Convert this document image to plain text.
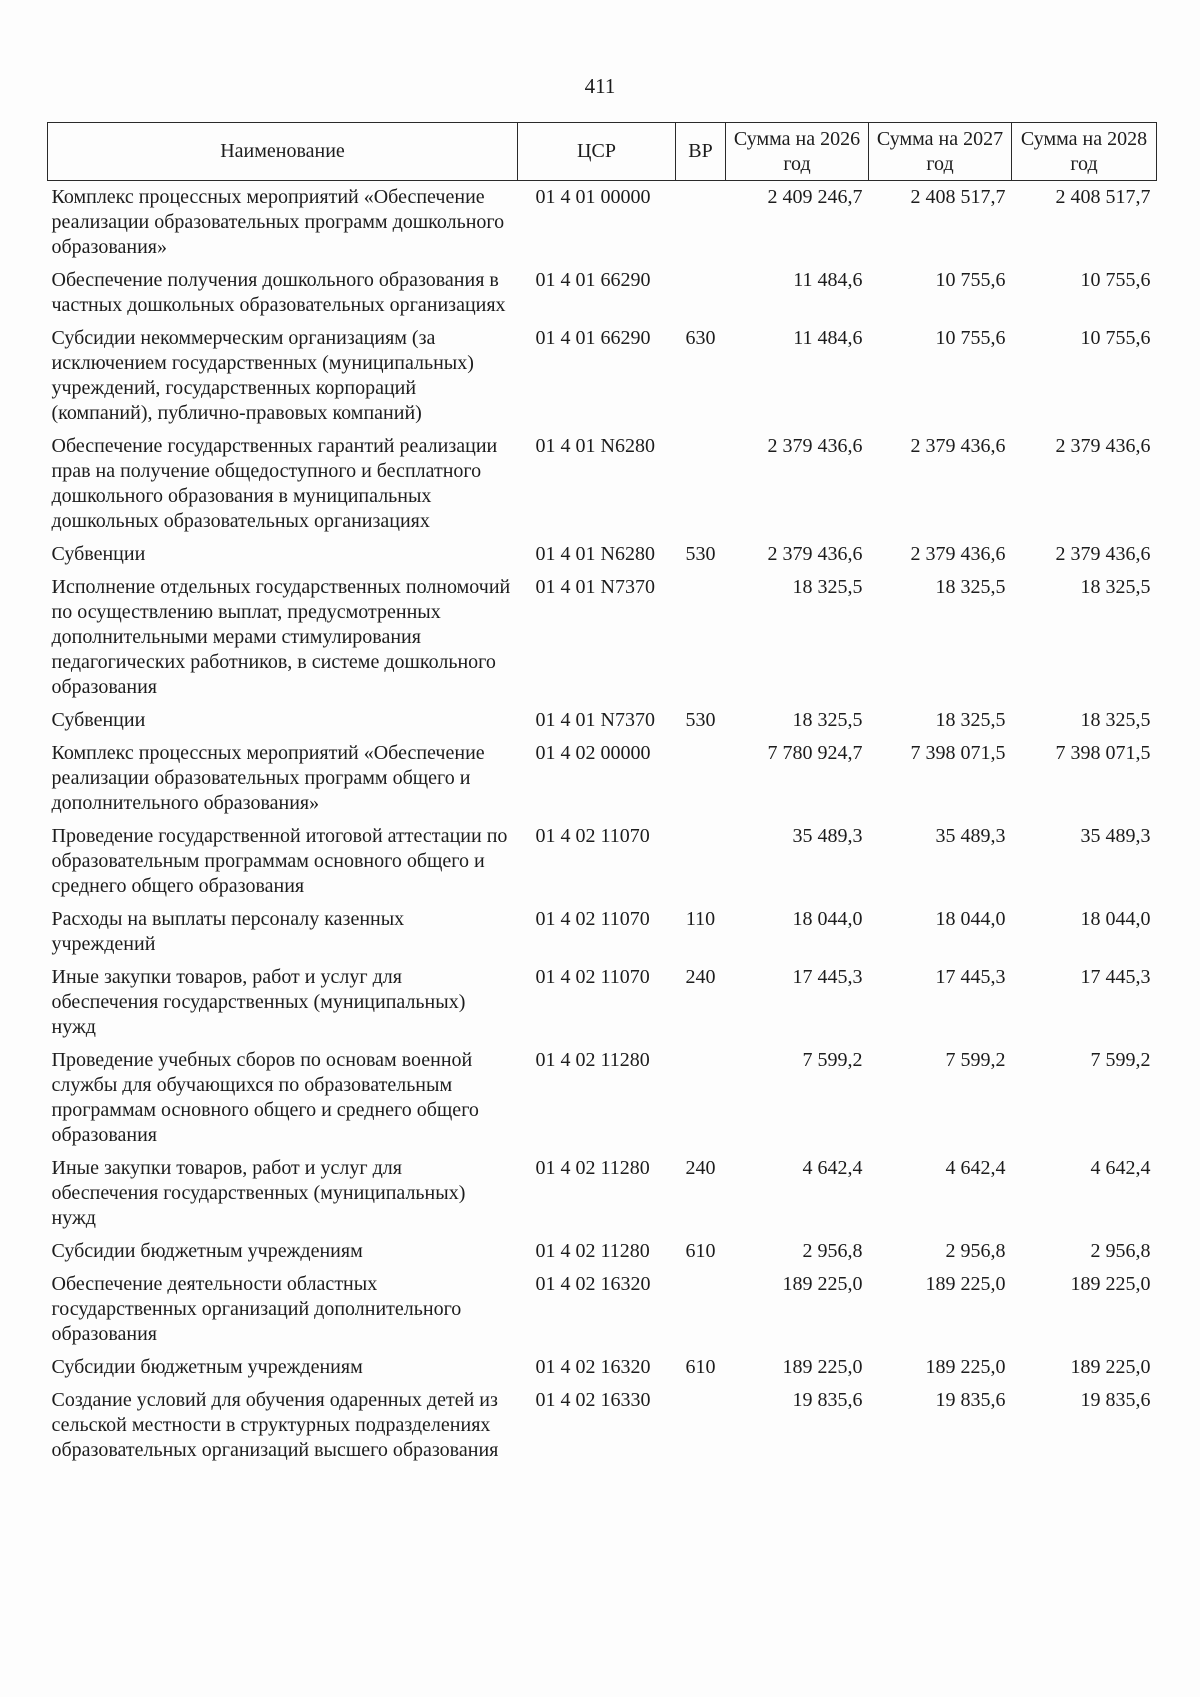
411
Наименование	ЦСР	ВР	Сумма на 2026 год	Сумма на 2027 год	Сумма на 2028 год

Комплекс процессных мероприятий «Обеспечение реализации образовательных программ дошкольного образования»	01 4 01 00000		2 409 246,7	2 408 517,7	2 408 517,7

Обеспечение получения дошкольного образования в частных дошкольных образовательных организациях	01 4 01 66290		11 484,6	10 755,6	10 755,6

Субсидии некоммерческим организациям (за исключением государственных (муниципальных) учреждений, государственных корпораций (компаний), публично-правовых компаний)	01 4 01 66290	630	11 484,6	10 755,6	10 755,6

Обеспечение государственных гарантий реализации прав на получение общедоступного и бесплатного дошкольного образования в муниципальных дошкольных образовательных организациях	01 4 01 N6280		2 379 436,6	2 379 436,6	2 379 436,6

Субвенции	01 4 01 N6280	530	2 379 436,6	2 379 436,6	2 379 436,6

Исполнение отдельных государственных полномочий по осуществлению выплат, предусмотренных дополнительными мерами стимулирования педагогических работников, в системе дошкольного образования	01 4 01 N7370		18 325,5	18 325,5	18 325,5

Субвенции	01 4 01 N7370	530	18 325,5	18 325,5	18 325,5

Комплекс процессных мероприятий «Обеспечение реализации образовательных программ общего и дополнительного образования»	01 4 02 00000		7 780 924,7	7 398 071,5	7 398 071,5

Проведение государственной итоговой аттестации по образовательным программам основного общего и среднего общего образования	01 4 02 11070		35 489,3	35 489,3	35 489,3

Расходы на выплаты персоналу казенных учреждений	01 4 02 11070	110	18 044,0	18 044,0	18 044,0

Иные закупки товаров, работ и услуг для обеспечения государственных (муниципальных) нужд	01 4 02 11070	240	17 445,3	17 445,3	17 445,3

Проведение учебных сборов по основам военной службы для обучающихся по образовательным программам основного общего и среднего общего образования	01 4 02 11280		7 599,2	7 599,2	7 599,2

Иные закупки товаров, работ и услуг для обеспечения государственных (муниципальных) нужд	01 4 02 11280	240	4 642,4	4 642,4	4 642,4

Субсидии бюджетным учреждениям	01 4 02 11280	610	2 956,8	2 956,8	2 956,8

Обеспечение деятельности областных государственных организаций дополнительного образования	01 4 02 16320		189 225,0	189 225,0	189 225,0

Субсидии бюджетным учреждениям	01 4 02 16320	610	189 225,0	189 225,0	189 225,0

Создание условий для обучения одаренных детей из сельской местности в структурных подразделениях образовательных организаций высшего образования	01 4 02 16330		19 835,6	19 835,6	19 835,6
